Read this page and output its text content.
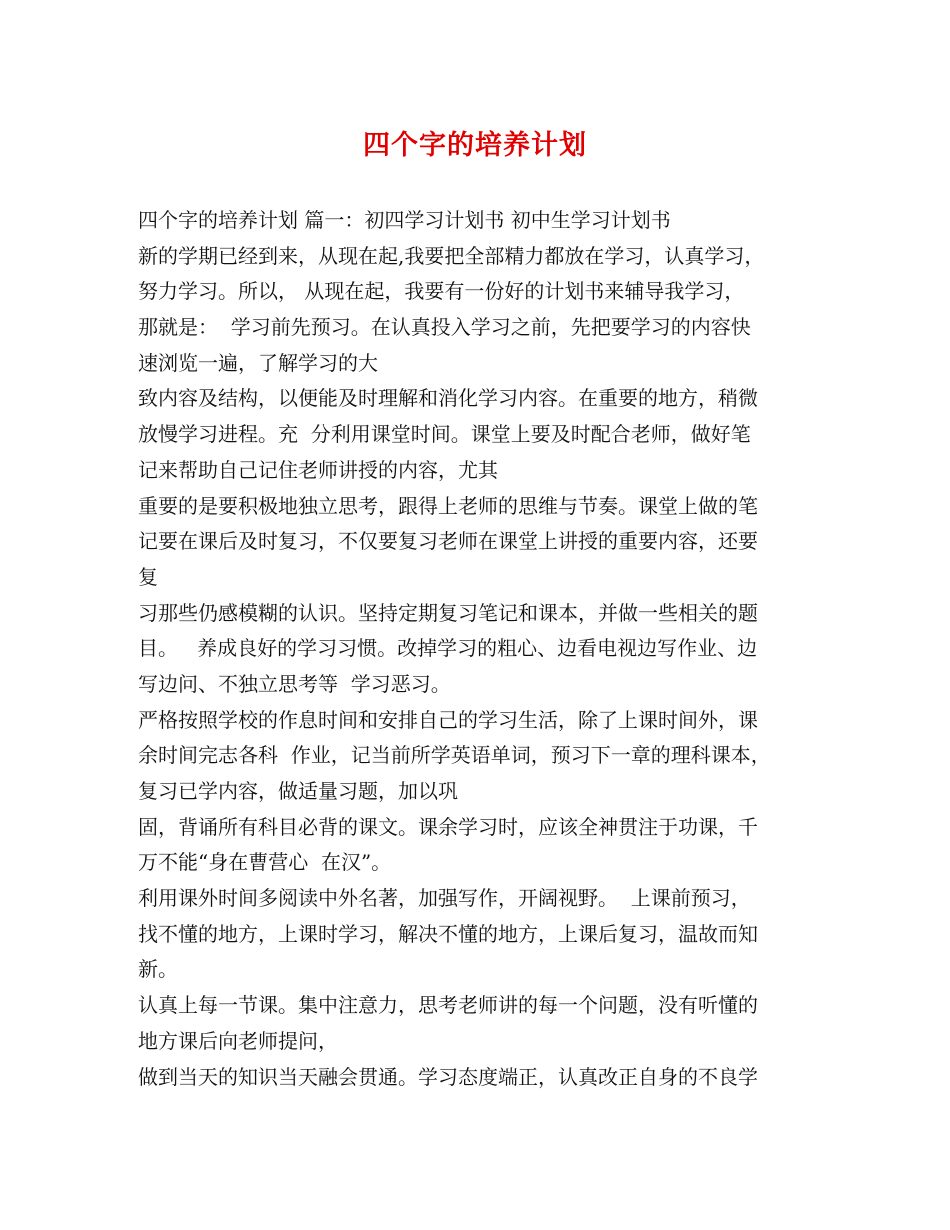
四个字的培养计划
四个字的培养计划 篇一：初四学习计划书 初中生学习计划书
新的学期已经到来，从现在起,我要把全部精力都放在学习，认真学习，
努力学习。所以， 从现在起，我要有一份好的计划书来辅导我学习，
那就是：  学习前先预习。在认真投入学习之前，先把要学习的内容快
速浏览一遍，了解学习的大
致内容及结构，以便能及时理解和消化学习内容。在重要的地方，稍微
放慢学习进程。充  分利用课堂时间。课堂上要及时配合老师，做好笔
记来帮助自己记住老师讲授的内容，尤其
重要的是要积极地独立思考，跟得上老师的思维与节奏。课堂上做的笔
记要在课后及时复习，不仅要复习老师在课堂上讲授的重要内容，还要
复
习那些仍感模糊的认识。坚持定期复习笔记和课本，并做一些相关的题
目。   养成良好的学习习惯。改掉学习的粗心、边看电视边写作业、边
写边问、不独立思考等  学习恶习。
严格按照学校的作息时间和安排自己的学习生活，除了上课时间外，课
余时间完志各科  作业，记当前所学英语单词，预习下一章的理科课本，
复习已学内容，做适量习题，加以巩
固，背诵所有科目必背的课文。课余学习时，应该全神贯注于功课，千
万不能“身在曹营心  在汉”。
利用课外时间多阅读中外名著，加强写作，开阔视野。  上课前预习，
找不懂的地方，上课时学习，解决不懂的地方，上课后复习，温故而知
新。
认真上每一节课。集中注意力，思考老师讲的每一个问题，没有听懂的
地方课后向老师提问，
做到当天的知识当天融会贯通。学习态度端正，认真改正自身的不良学
